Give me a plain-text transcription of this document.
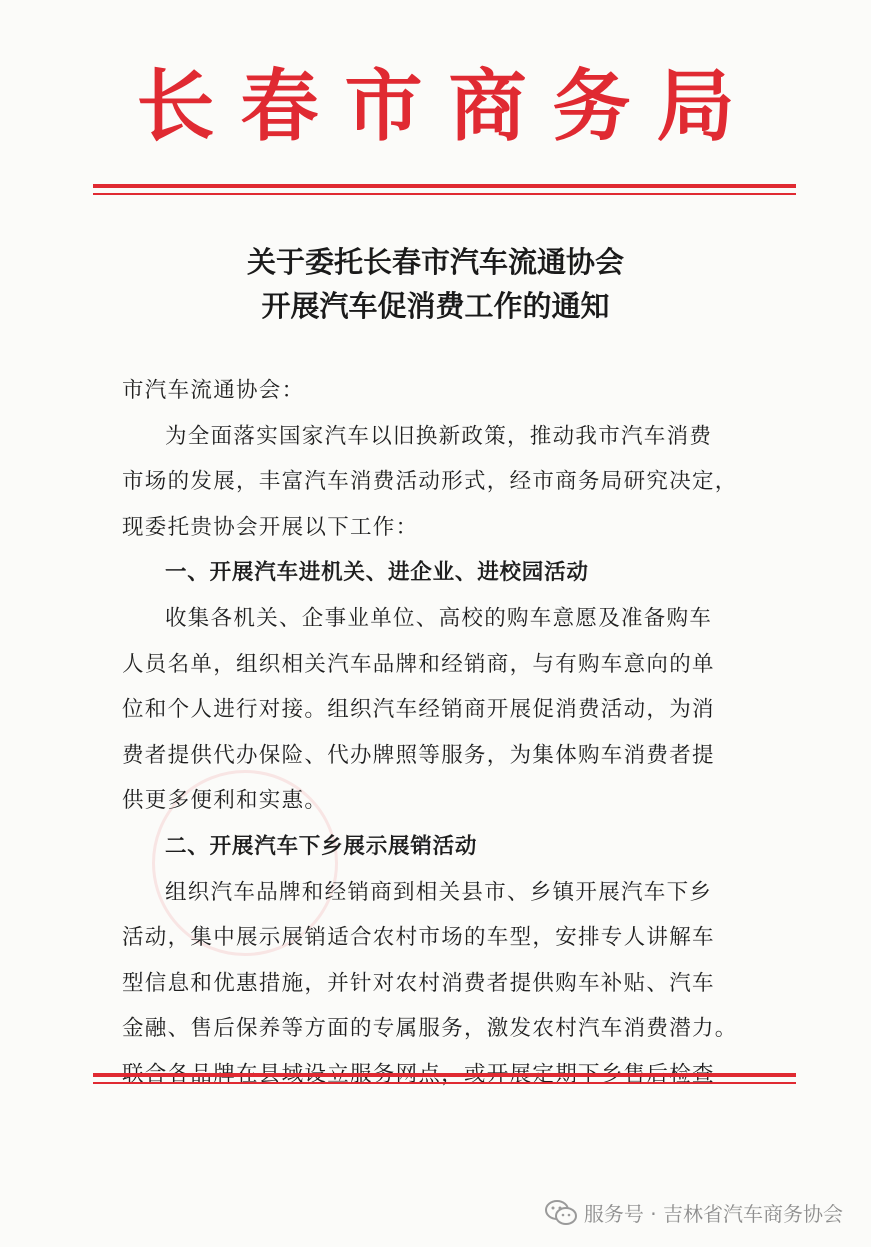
长春市商务局
关于委托长春市汽车流通协会
开展汽车促消费工作的通知
市汽车流通协会：
为全面落实国家汽车以旧换新政策，推动我市汽车消费
市场的发展，丰富汽车消费活动形式，经市商务局研究决定，
现委托贵协会开展以下工作：
一、开展汽车进机关、进企业、进校园活动
收集各机关、企事业单位、高校的购车意愿及准备购车
人员名单，组织相关汽车品牌和经销商，与有购车意向的单
位和个人进行对接。组织汽车经销商开展促消费活动，为消
费者提供代办保险、代办牌照等服务，为集体购车消费者提
供更多便利和实惠。
二、开展汽车下乡展示展销活动
组织汽车品牌和经销商到相关县市、乡镇开展汽车下乡
活动，集中展示展销适合农村市场的车型，安排专人讲解车
型信息和优惠措施，并针对农村消费者提供购车补贴、汽车
金融、售后保养等方面的专属服务，激发农村汽车消费潜力。
联合各品牌在县域设立服务网点，或开展定期下乡售后检查
服务号 · 吉林省汽车商务协会
